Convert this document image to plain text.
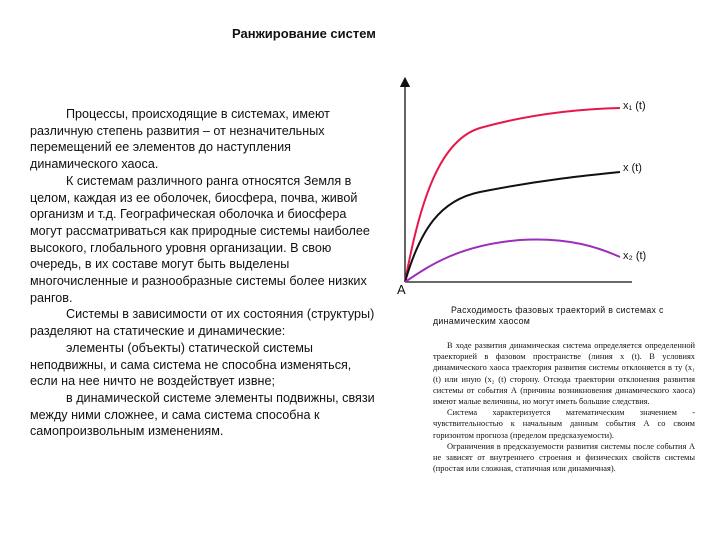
Ранжирование систем

Процессы, происходящие в системах, имеют различную степень развития – от незначительных перемещений ее элементов до наступления динамического хаоса.

К системам различного ранга относятся Земля в целом, каждая из ее оболочек, биосфера, почва, живой организм и т.д. Географическая оболочка и биосфера могут рассматриваться как природные системы наиболее высокого, глобального уровня организации. В свою очередь, в их составе могут быть выделены многочисленные и разнообразные системы более низких рангов.

Системы в зависимости от их состояния (структуры) разделяют на статические и динамические:

элементы (объекты) статической системы неподвижны, и сама система не способна изменяться, если на нее ничто не воздействует извне;

в динамической системе элементы подвижны, связи между ними сложнее, и сама система способна к самопроизвольным изменениям.

x₁ (t)
x (t)
x₂ (t)
А
Расходимость фазовых траекторий в системах с динамическим хаосом

В ходе развития динамическая система определяется определенной траекторией в фазовом пространстве (линия x (t). В условиях динамического хаоса траектория развития системы отклоняется в ту (x₁ (t) или иную (x₂ (t) сторону. Отсюда траектории отклонения развития системы от события А (причины возникновения динамического хаоса) имеют малые величины, но могут иметь большие следствия.

Система характеризуется математическим значением - чувствительностью к начальным данным события А со своим горизонтом прогноза (пределом предсказуемости).

Ограничения в предсказуемости развития системы после события А не зависят от внутреннего строения и физических свойств системы (простая или сложная, статичная или динамичная).
